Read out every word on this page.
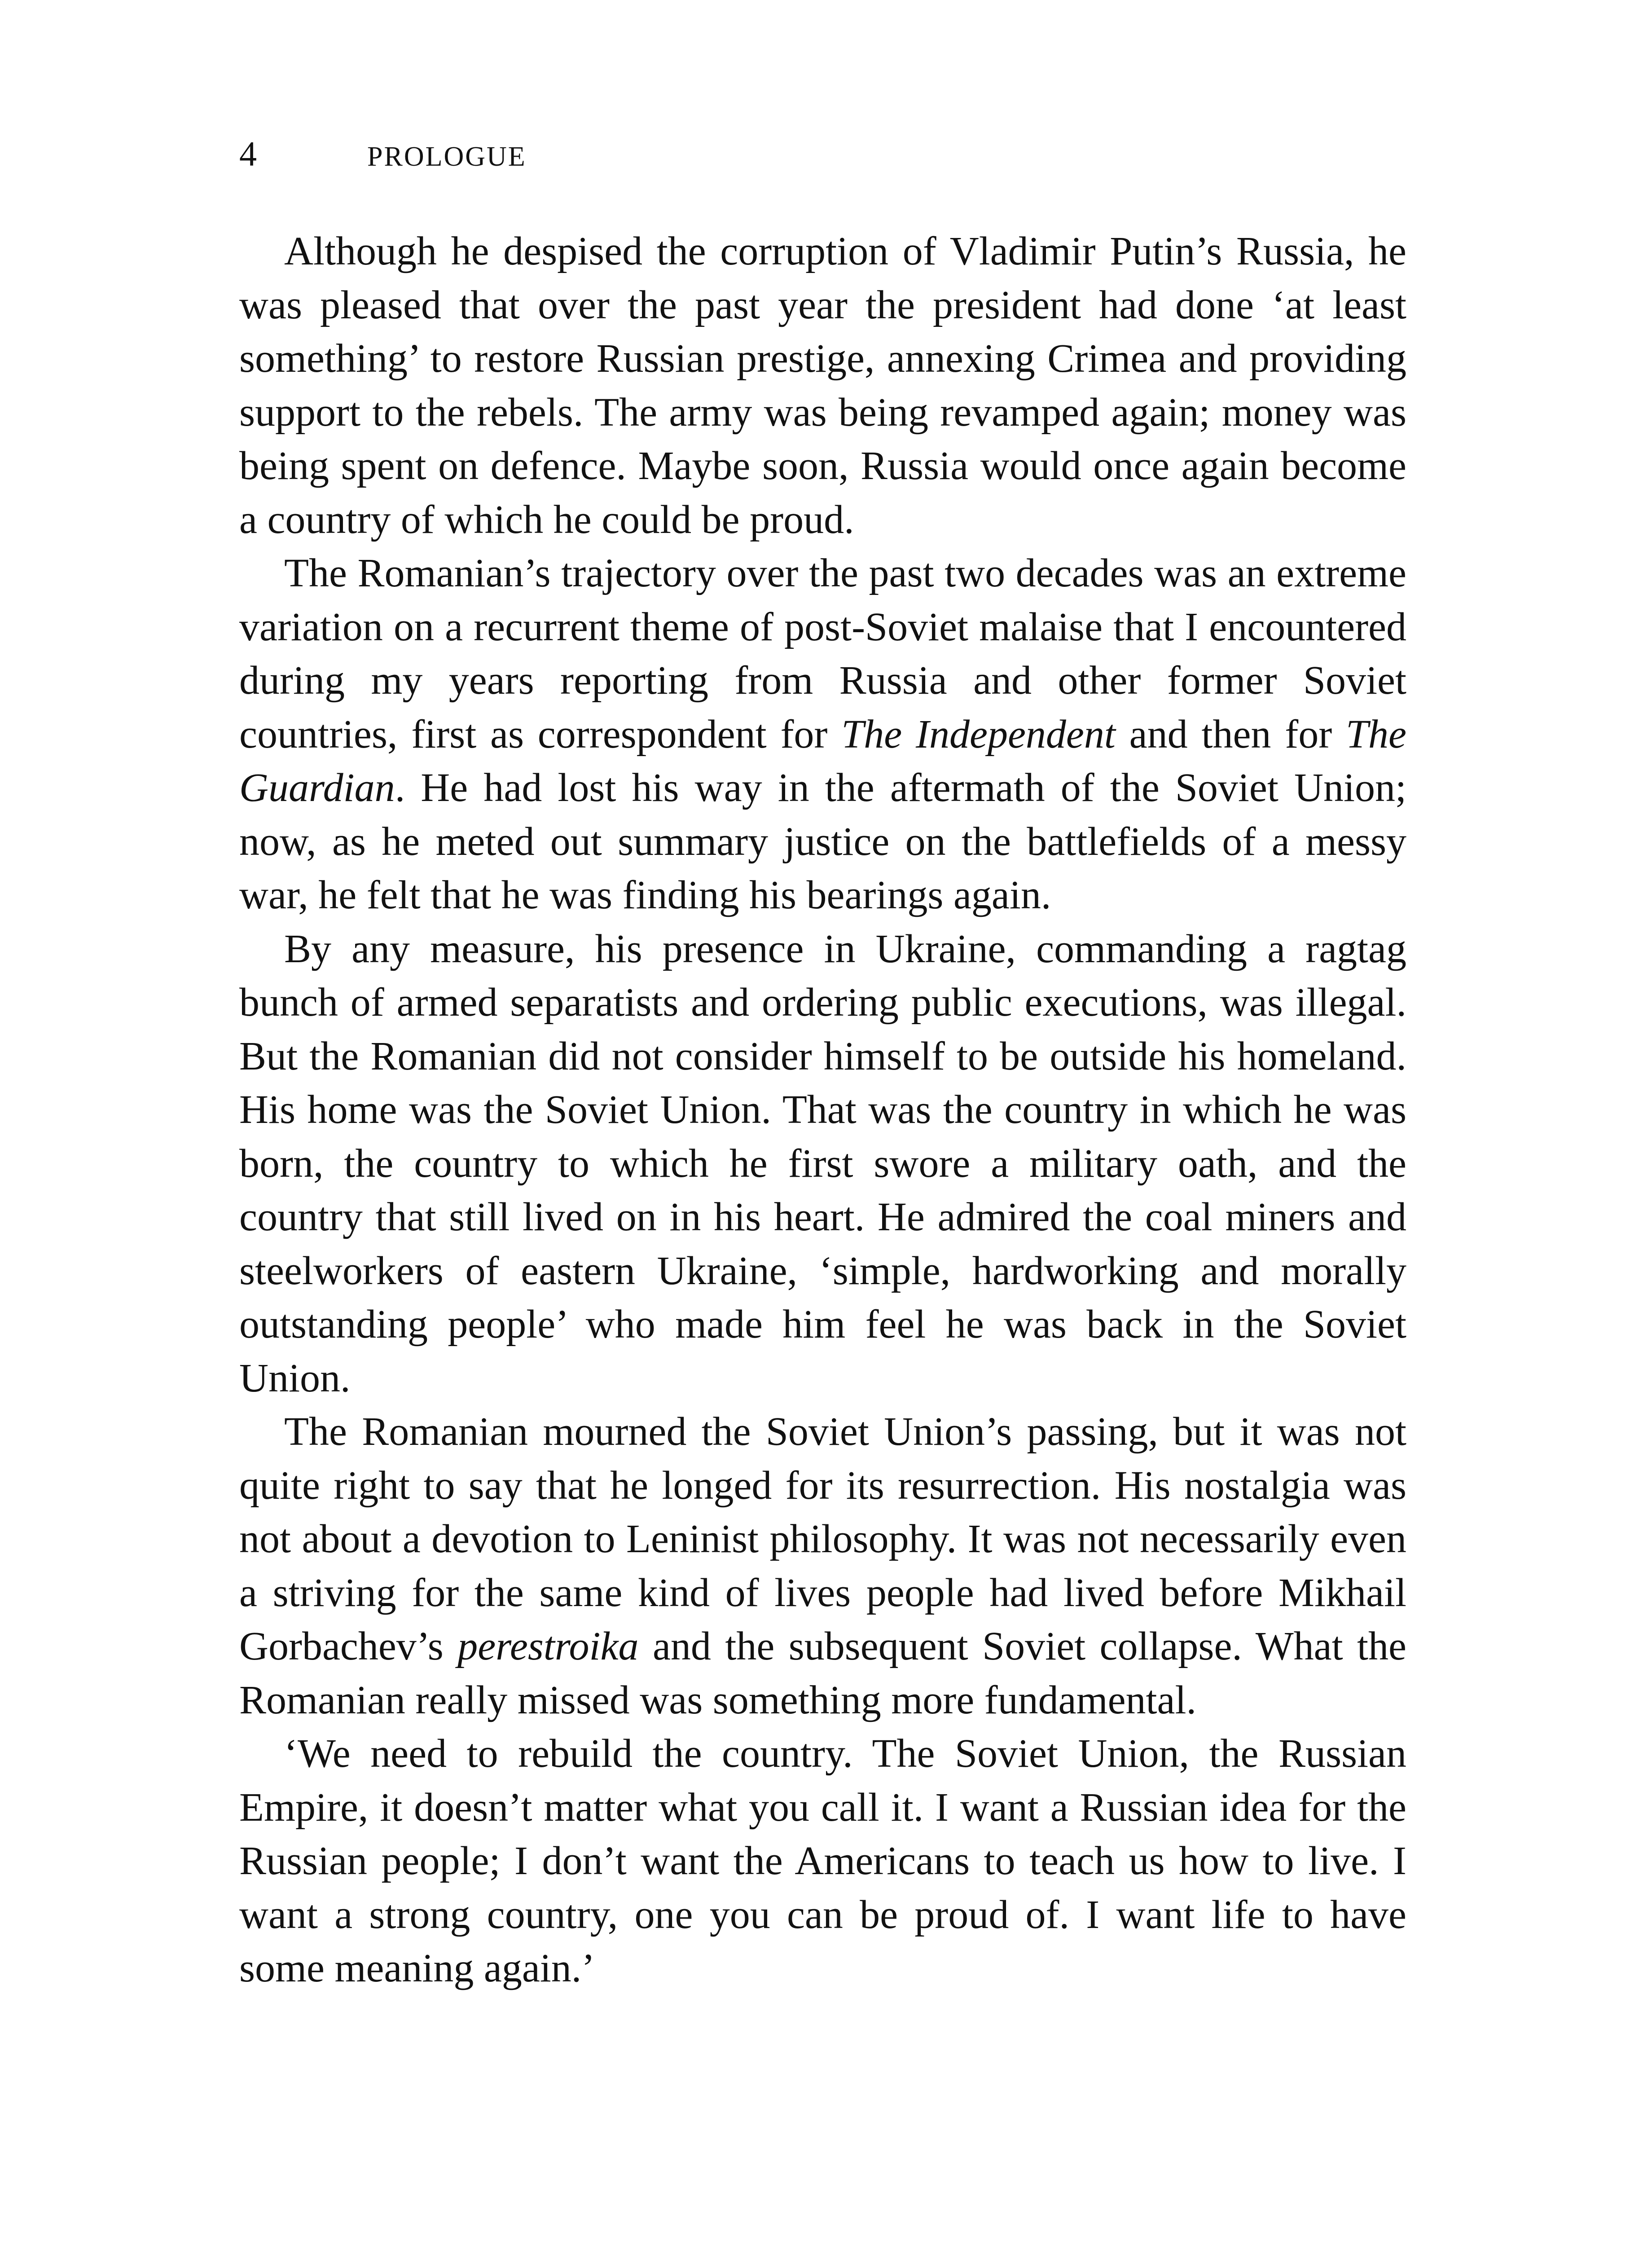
4	PROLOGUE

Although he despised the corruption of Vladimir Putin’s Russia, he was pleased that over the past year the president had done ‘at least something’ to restore Russian prestige, annexing Crimea and providing support to the rebels. The army was being revamped again; money was being spent on defence. Maybe soon, Russia would once again become a country of which he could be proud.

The Romanian’s trajectory over the past two decades was an extreme variation on a recurrent theme of post-Soviet malaise that I encountered during my years reporting from Russia and other former Soviet countries, first as correspondent for The Independent and then for The Guardian. He had lost his way in the aftermath of the Soviet Union; now, as he meted out summary justice on the battlefields of a messy war, he felt that he was finding his bearings again.

By any measure, his presence in Ukraine, commanding a ragtag bunch of armed separatists and ordering public executions, was illegal. But the Romanian did not consider himself to be outside his homeland. His home was the Soviet Union. That was the country in which he was born, the country to which he first swore a military oath, and the country that still lived on in his heart. He admired the coal miners and steelworkers of eastern Ukraine, ‘simple, hardworking and morally outstanding people’ who made him feel he was back in the Soviet Union.

The Romanian mourned the Soviet Union’s passing, but it was not quite right to say that he longed for its resurrection. His nostalgia was not about a devotion to Leninist philosophy. It was not necessarily even a striving for the same kind of lives people had lived before Mikhail Gorbachev’s perestroika and the subsequent Soviet collapse. What the Romanian really missed was something more fundamental.

‘We need to rebuild the country. The Soviet Union, the Russian Empire, it doesn’t matter what you call it. I want a Russian idea for the Russian people; I don’t want the Americans to teach us how to live. I want a strong country, one you can be proud of. I want life to have some meaning again.’
